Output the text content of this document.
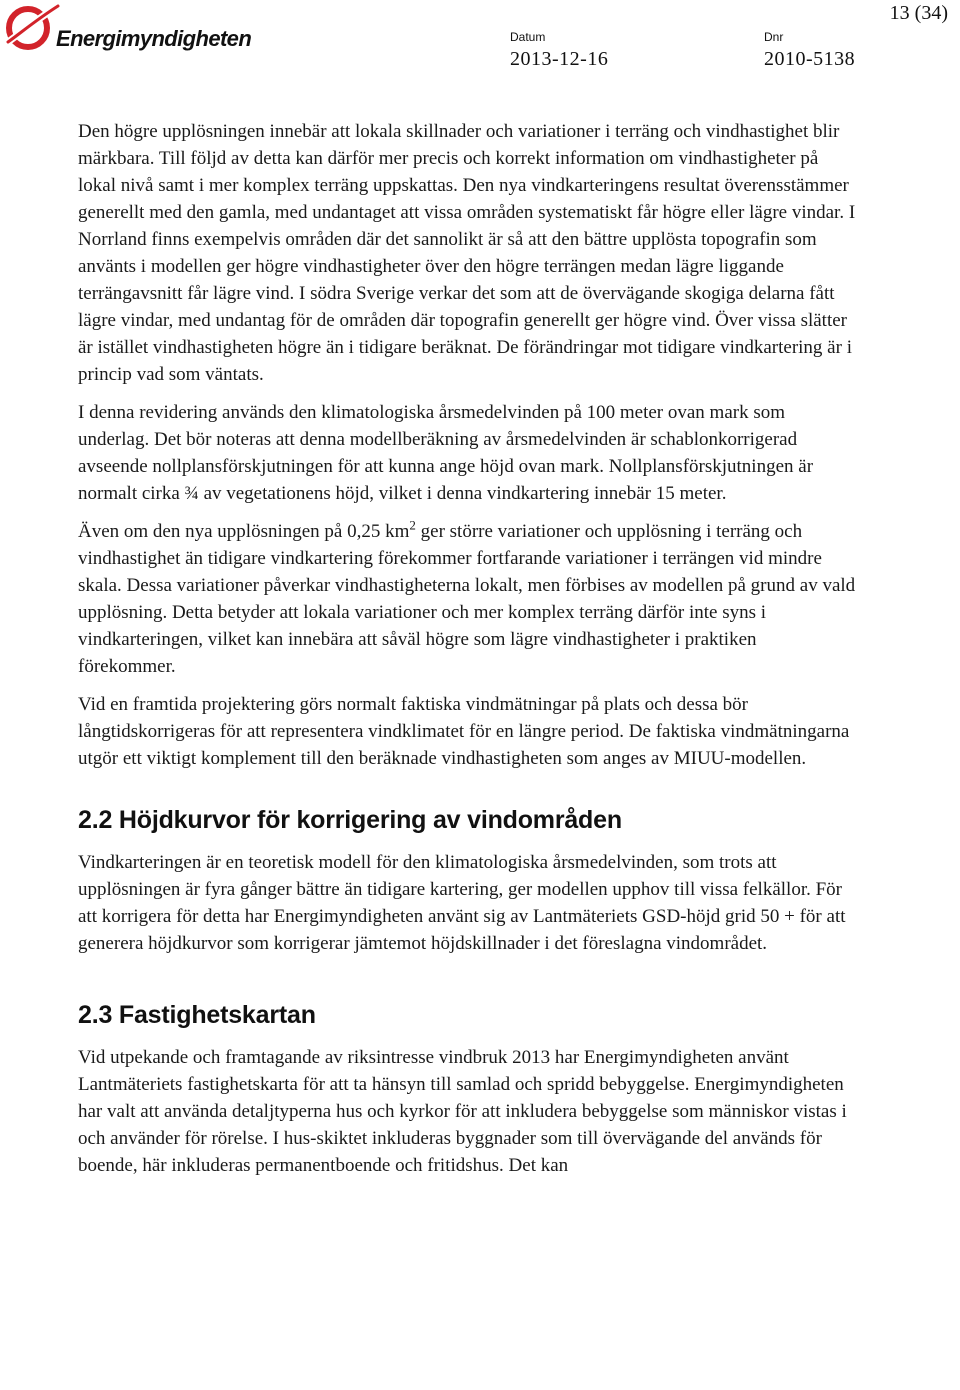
Energimyndigheten	Datum
2013-12-16
Dnr
2010-5138
13 (34)

Den högre upplösningen innebär att lokala skillnader och variationer i terräng och vindhastighet blir märkbara. Till följd av detta kan därför mer precis och korrekt information om vindhastigheter på lokal nivå samt i mer komplex terräng uppskattas. Den nya vindkarteringens resultat överensstämmer generellt med den gamla, med undantaget att vissa områden systematiskt får högre eller lägre vindar. I Norrland finns exempelvis områden där det sannolikt är så att den bättre upplösta topografin som använts i modellen ger högre vindhastigheter över den högre terrängen medan lägre liggande terrängavsnitt får lägre vind. I södra Sverige verkar det som att de övervägande skogiga delarna fått lägre vindar, med undantag för de områden där topografin generellt ger högre vind. Över vissa slätter är istället vindhastigheten högre än i tidigare beräknat. De förändringar mot tidigare vindkartering är i princip vad som väntats.

I denna revidering används den klimatologiska årsmedelvinden på 100 meter ovan mark som underlag. Det bör noteras att denna modellberäkning av årsmedelvinden är schablonkorrigerad avseende nollplansförskjutningen för att kunna ange höjd ovan mark. Nollplansförskjutningen är normalt cirka ¾ av vegetationens höjd, vilket i denna vindkartering innebär 15 meter.

Även om den nya upplösningen på 0,25 $km^2$ ger större variationer och upplösning i terräng och vindhastighet än tidigare vindkartering förekommer fortfarande variationer i terrängen vid mindre skala. Dessa variationer påverkar vindhastigheterna lokalt, men förbises av modellen på grund av vald upplösning. Detta betyder att lokala variationer och mer komplex terräng därför inte syns i vindkarteringen, vilket kan innebära att såväl högre som lägre vindhastigheter i praktiken förekommer.

Vid en framtida projektering görs normalt faktiska vindmätningar på plats och dessa bör långtidskorrigeras för att representera vindklimatet för en längre period. De faktiska vindmätningarna utgör ett viktigt komplement till den beräknade vindhastigheten som anges av MIUU-modellen.

2.2 Höjdkurvor för korrigering av vindområden

Vindkarteringen är en teoretisk modell för den klimatologiska årsmedelvinden, som trots att upplösningen är fyra gånger bättre än tidigare kartering, ger modellen upphov till vissa felkällor. För att korrigera för detta har Energimyndigheten använt sig av Lantmäteriets GSD-höjd grid 50 + för att generera höjdkurvor som korrigerar jämtemot höjdskillnader i det föreslagna vindområdet.

2.3 Fastighetskartan

Vid utpekande och framtagande av riksintresse vindbruk 2013 har Energimyndigheten använt Lantmäteriets fastighetskarta för att ta hänsyn till samlad och spridd bebyggelse. Energimyndigheten har valt att använda detaljtyperna hus och kyrkor för att inkludera bebyggelse som människor vistas i och använder för rörelse. I hus-skiktet inkluderas byggnader som till övervägande del används för boende, här inkluderas permanentboende och fritidshus. Det kan
